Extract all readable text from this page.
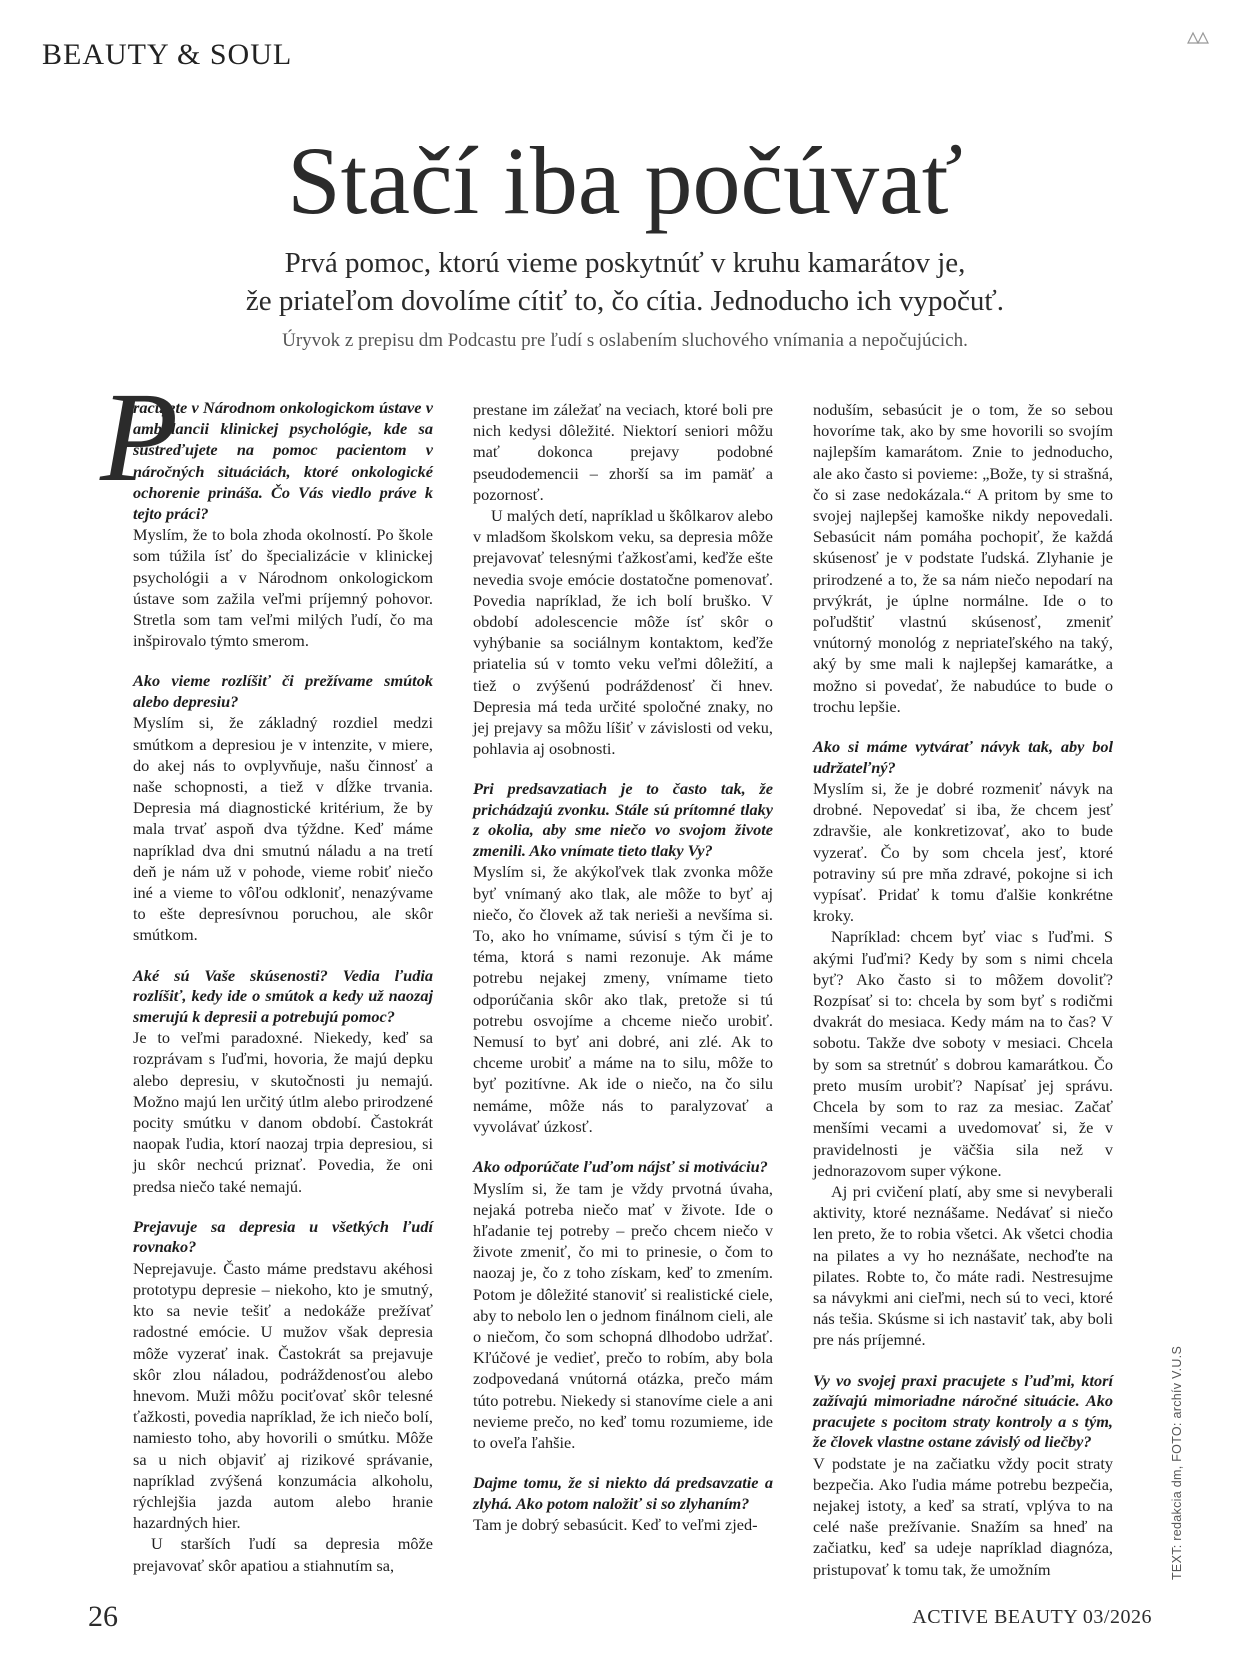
BEAUTY & SOUL
Stačí iba počúvať
Prvá pomoc, ktorú vieme poskytnúť v kruhu kamarátov je,
že priateľom dovolíme cítiť to, čo cítia. Jednoducho ich vypočuť.
Úryvok z prepisu dm Podcastu pre ľudí s oslabením sluchového vnímania a nepočujúcich.
P

racujete v Národnom onkologickom ústave v ambulancii klinickej psychológie, kde sa sústreďujete na pomoc pacientom v náročných situáciách, ktoré onkologické ochorenie prináša. Čo Vás viedlo práve k tejto práci?

Myslím, že to bola zhoda okolností. Po škole som túžila ísť do špecializácie v klinickej psychológii a v Národnom onkologickom ústave som zažila veľmi príjemný pohovor. Stretla som tam veľmi milých ľudí, čo ma inšpirovalo týmto smerom.

Ako vieme rozlíšiť či prežívame smútok alebo depresiu?

Myslím si, že základný rozdiel medzi smútkom a depresiou je v intenzite, v miere, do akej nás to ovplyvňuje, našu činnosť a naše schopnosti, a tiež v dĺžke trvania. Depresia má diagnostické kritérium, že by mala trvať aspoň dva týždne. Keď máme napríklad dva dni smutnú náladu a na tretí deň je nám už v pohode, vieme robiť niečo iné a vieme to vôľou odkloniť, nenazývame to ešte depresívnou poruchou, ale skôr smútkom.

Aké sú Vaše skúsenosti? Vedia ľudia rozlíšiť, kedy ide o smútok a kedy už naozaj smerujú k depresii a potrebujú pomoc?

Je to veľmi paradoxné. Niekedy, keď sa rozprávam s ľuďmi, hovoria, že majú depku alebo depresiu, v skutočnosti ju nemajú. Možno majú len určitý útlm alebo prirodzené pocity smútku v danom období. Častokrát naopak ľudia, ktorí naozaj trpia depresiou, si ju skôr nechcú priznať. Povedia, že oni predsa niečo také nemajú.

Prejavuje sa depresia u všetkých ľudí rovnako?

Neprejavuje. Často máme predstavu akéhosi prototypu depresie – niekoho, kto je smutný, kto sa nevie tešiť a nedokáže prežívať radostné emócie. U mužov však depresia môže vyzerať inak. Častokrát sa prejavuje skôr zlou náladou, podráždenosťou alebo hnevom. Muži môžu pociťovať skôr telesné ťažkosti, povedia napríklad, že ich niečo bolí, namiesto toho, aby hovorili o smútku. Môže sa u nich objaviť aj rizikové správanie, napríklad zvýšená konzumácia alkoholu, rýchlejšia jazda autom alebo hranie hazardných hier.

U starších ľudí sa depresia môže prejavovať skôr apatiou a stiahnutím sa,

prestane im záležať na veciach, ktoré boli pre nich kedysi dôležité. Niektorí seniori môžu mať dokonca prejavy podobné pseudodemencii – zhorší sa im pamäť a pozornosť.

U malých detí, napríklad u škôlkarov alebo v mladšom školskom veku, sa depresia môže prejavovať telesnými ťažkosťami, keďže ešte nevedia svoje emócie dostatočne pomenovať. Povedia napríklad, že ich bolí bruško. V období adolescencie môže ísť skôr o vyhýbanie sa sociálnym kontaktom, keďže priatelia sú v tomto veku veľmi dôležití, a tiež o zvýšenú podráždenosť či hnev. Depresia má teda určité spoločné znaky, no jej prejavy sa môžu líšiť v závislosti od veku, pohlavia aj osobnosti.

Pri predsavzatiach je to často tak, že prichádzajú zvonku. Stále sú prítomné tlaky z okolia, aby sme niečo vo svojom živote zmenili. Ako vnímate tieto tlaky Vy?

Myslím si, že akýkoľvek tlak zvonka môže byť vnímaný ako tlak, ale môže to byť aj niečo, čo človek až tak nerieši a nevšíma si. To, ako ho vnímame, súvisí s tým či je to téma, ktorá s nami rezonuje. Ak máme potrebu nejakej zmeny, vnímame tieto odporúčania skôr ako tlak, pretože si tú potrebu osvojíme a chceme niečo urobiť. Nemusí to byť ani dobré, ani zlé. Ak to chceme urobiť a máme na to silu, môže to byť pozitívne. Ak ide o niečo, na čo silu nemáme, môže nás to paralyzovať a vyvolávať úzkosť.

Ako odporúčate ľuďom nájsť si motiváciu?

Myslím si, že tam je vždy prvotná úvaha, nejaká potreba niečo mať v živote. Ide o hľadanie tej potreby – prečo chcem niečo v živote zmeniť, čo mi to prinesie, o čom to naozaj je, čo z toho získam, keď to zmením. Potom je dôležité stanoviť si realistické ciele, aby to nebolo len o jednom finálnom cieli, ale o niečom, čo som schopná dlhodobo udržať. Kľúčové je vedieť, prečo to robím, aby bola zodpovedaná vnútorná otázka, prečo mám túto potrebu. Niekedy si stanovíme ciele a ani nevieme prečo, no keď tomu rozumieme, ide to oveľa ľahšie.

Dajme tomu, že si niekto dá predsavzatie a zlyhá. Ako potom naložiť si so zlyhaním?

Tam je dobrý sebasúcit. Keď to veľmi zjed-

noduším, sebasúcit je o tom, že so sebou hovoríme tak, ako by sme hovorili so svojím najlepším kamarátom. Znie to jednoducho, ale ako často si povieme: „Bože, ty si strašná, čo si zase nedokázala.“ A pritom by sme to svojej najlepšej kamoške nikdy nepovedali. Sebasúcit nám pomáha pochopiť, že každá skúsenosť je v podstate ľudská. Zlyhanie je prirodzené a to, že sa nám niečo nepodarí na prvýkrát, je úplne normálne. Ide o to poľudštiť vlastnú skúsenosť, zmeniť vnútorný monológ z nepriateľského na taký, aký by sme mali k najlepšej kamarátke, a možno si povedať, že nabudúce to bude o trochu lepšie.

Ako si máme vytvárať návyk tak, aby bol udržateľný?

Myslím si, že je dobré rozmeniť návyk na drobné. Nepovedať si iba, že chcem jesť zdravšie, ale konkretizovať, ako to bude vyzerať. Čo by som chcela jesť, ktoré potraviny sú pre mňa zdravé, pokojne si ich vypísať. Pridať k tomu ďalšie konkrétne kroky.

Napríklad: chcem byť viac s ľuďmi. S akými ľuďmi? Kedy by som s nimi chcela byť? Ako často si to môžem dovoliť? Rozpísať si to: chcela by som byť s rodičmi dvakrát do mesiaca. Kedy mám na to čas? V sobotu. Takže dve soboty v mesiaci. Chcela by som sa stretnúť s dobrou kamarátkou. Čo preto musím urobiť? Napísať jej správu. Chcela by som to raz za mesiac. Začať menšími vecami a uvedomovať si, že v pravidelnosti je väčšia sila než v jednorazovom super výkone.

Aj pri cvičení platí, aby sme si nevyberali aktivity, ktoré neznášame. Nedávať si niečo len preto, že to robia všetci. Ak všetci chodia na pilates a vy ho neznášate, nechoďte na pilates. Robte to, čo máte radi. Nestresujme sa návykmi ani cieľmi, nech sú to veci, ktoré nás tešia. Skúsme si ich nastaviť tak, aby boli pre nás príjemné.

Vy vo svojej praxi pracujete s ľuďmi, ktorí zažívajú mimoriadne náročné situácie. Ako pracujete s pocitom straty kontroly a s tým, že človek vlastne ostane závislý od liečby?

V podstate je na začiatku vždy pocit straty bezpečia. Ako ľudia máme potrebu bezpečia, nejakej istoty, a keď sa stratí, vplýva to na celé naše prežívanie. Snažím sa hneď na začiatku, keď sa udeje napríklad diagnóza, pristupovať k tomu tak, že umožním	TEXT: redakcia dm, FOTO: archív V.U.S
26	ACTIVE BEAUTY 03/2026
